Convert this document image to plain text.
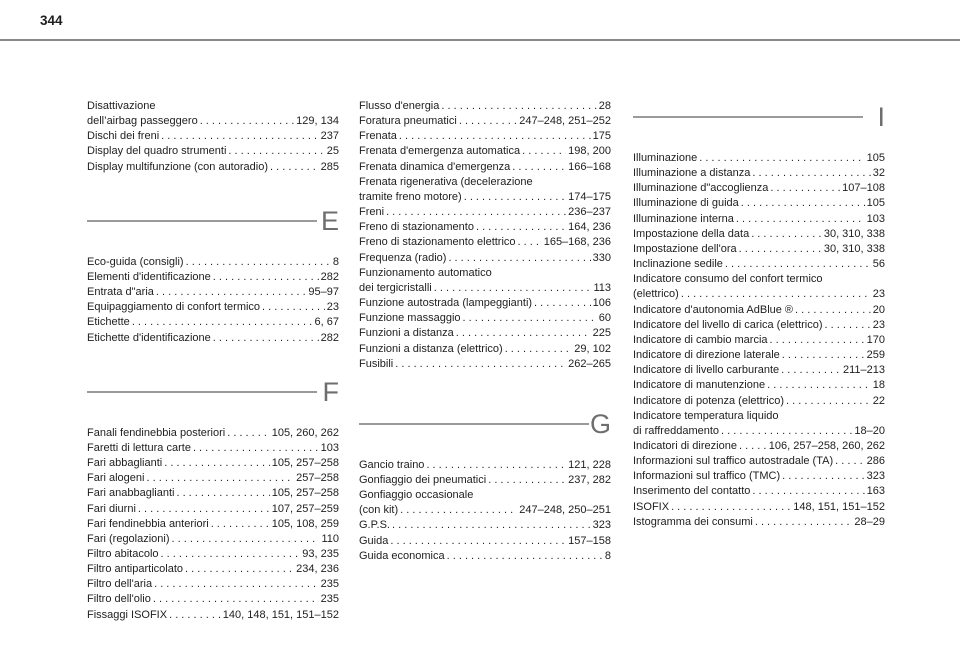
344
Disattivazione
dell’airbag passeggero . . .	129, 134
Dischi dei freni . . .	237
Display del quadro strumenti . . .	25
Display multifunzione (con autoradio) . . .	285
E
Eco-guida (consigli) . . .	8
Elementi d'identificazione . . .	282
Entrata d"aria . . .	95–97
Equipaggiamento di confort termico . . .	23
Etichette . . .	6, 67
Etichette d'identificazione . . .	282
F
Fanali fendinebbia posteriori . . .	105, 260, 262
Faretti di lettura carte . . .	103
Fari abbaglianti . . .	105, 257–258
Fari alogeni . . .	257–258
Fari anabbaglianti . . .	105, 257–258
Fari diurni . . .	107, 257–259
Fari fendinebbia anteriori . . .	105, 108, 259
Fari (regolazioni) . . .	110
Filtro abitacolo . . .	93, 235
Filtro antiparticolato . . .	234, 236
Filtro dell'aria . . .	235
Filtro dell'olio . . .	235
Fissaggi ISOFIX . . .	140, 148, 151, 151–152
Flusso d'energia . . .	28
Foratura pneumatici . . .	247–248, 251–252
Frenata . . .	175
Frenata d'emergenza automatica . . .	198, 200
Frenata dinamica d'emergenza . . .	166–168
Frenata rigenerativa (decelerazione
tramite freno motore) . . .	174–175
Freni . . .	236–237
Freno di stazionamento . . .	164, 236
Freno di stazionamento elettrico . . .	165–168, 236
Frequenza (radio) . . .	330
Funzionamento automatico
dei tergicristalli . . .	113
Funzione autostrada (lampeggianti) . . .	106
Funzione massaggio . . .	60
Funzioni a distanza . . .	225
Funzioni a distanza (elettrico) . . .	29, 102
Fusibili . . .	262–265
G
Gancio traino . . .	121, 228
Gonfiaggio dei pneumatici . . .	237, 282
Gonfiaggio occasionale
(con kit) . . .	247–248, 250–251
G.P.S. . . .	323
Guida . . .	157–158
Guida economica . . .	8
I
Illuminazione . . .	105
Illuminazione a distanza . . .	32
Illuminazione d"accoglienza . . .	107–108
Illuminazione di guida . . .	105
Illuminazione interna . . .	103
Impostazione della data . . .	30, 310, 338
Impostazione dell'ora . . .	30, 310, 338
Inclinazione sedile . . .	56
Indicatore consumo del confort termico
(elettrico) . . .	23
Indicatore d'autonomia AdBlue ® . . .	20
Indicatore del livello di carica (elettrico) . . .	23
Indicatore di cambio marcia . . .	170
Indicatore di direzione laterale . . .	259
Indicatore di livello carburante . . .	211–213
Indicatore di manutenzione . . .	18
Indicatore di potenza (elettrico) . . .	22
Indicatore temperatura liquido
di raffreddamento . . .	18–20
Indicatori di direzione . . .	106, 257–258, 260, 262
Informazioni sul traffico autostradale (TA) . . .	286
Informazioni sul traffico (TMC) . . .	323
Inserimento del contatto . . .	163
ISOFIX . . .	148, 151, 151–152
Istogramma dei consumi . . .	28–29
